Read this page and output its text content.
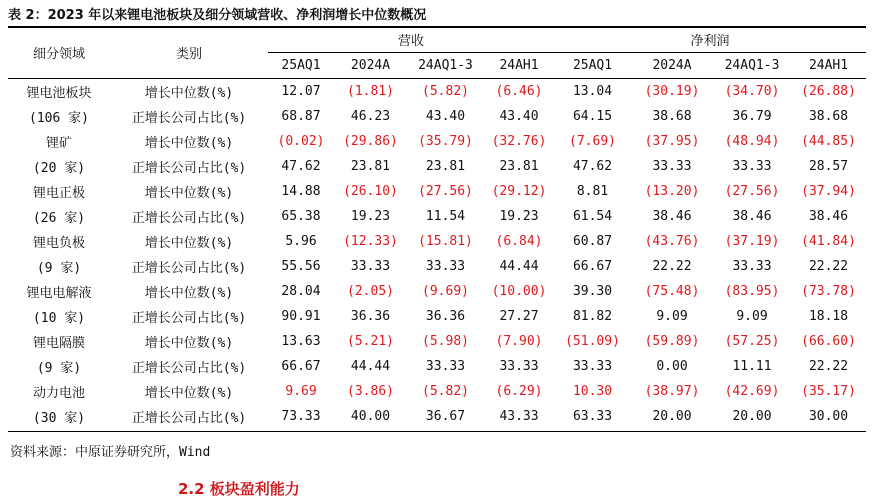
表 2：2023 年以来锂电池板块及细分领域营收、净利润增长中位数概况
细分领域	类别	营收				净利润			
		25AQ1	2024A	24AQ1-3	24AH1	25AQ1	2024A	24AQ1-3	24AH1
锂电池板块	增长中位数(%)	12.07	(1.81)	(5.82)	(6.46)	13.04	(30.19)	(34.70)	(26.88)
(106 家)	正增长公司占比(%)	68.87	46.23	43.40	43.40	64.15	38.68	36.79	38.68
锂矿	增长中位数(%)	(0.02)	(29.86)	(35.79)	(32.76)	(7.69)	(37.95)	(48.94)	(44.85)
(20 家)	正增长公司占比(%)	47.62	23.81	23.81	23.81	47.62	33.33	33.33	28.57
锂电正极	增长中位数(%)	14.88	(26.10)	(27.56)	(29.12)	8.81	(13.20)	(27.56)	(37.94)
(26 家)	正增长公司占比(%)	65.38	19.23	11.54	19.23	61.54	38.46	38.46	38.46
锂电负极	增长中位数(%)	5.96	(12.33)	(15.81)	(6.84)	60.87	(43.76)	(37.19)	(41.84)
(9 家)	正增长公司占比(%)	55.56	33.33	33.33	44.44	66.67	22.22	33.33	22.22
锂电电解液	增长中位数(%)	28.04	(2.05)	(9.69)	(10.00)	39.30	(75.48)	(83.95)	(73.78)
(10 家)	正增长公司占比(%)	90.91	36.36	36.36	27.27	81.82	9.09	9.09	18.18
锂电隔膜	增长中位数(%)	13.63	(5.21)	(5.98)	(7.90)	(51.09)	(59.89)	(57.25)	(66.60)
(9 家)	正增长公司占比(%)	66.67	44.44	33.33	33.33	33.33	0.00	11.11	22.22
动力电池	增长中位数(%)	9.69	(3.86)	(5.82)	(6.29)	10.30	(38.97)	(42.69)	(35.17)
(30 家)	正增长公司占比(%)	73.33	40.00	36.67	43.33	63.33	20.00	20.00	30.00
资料来源：中原证券研究所，Wind
2.2 板块盈利能力
